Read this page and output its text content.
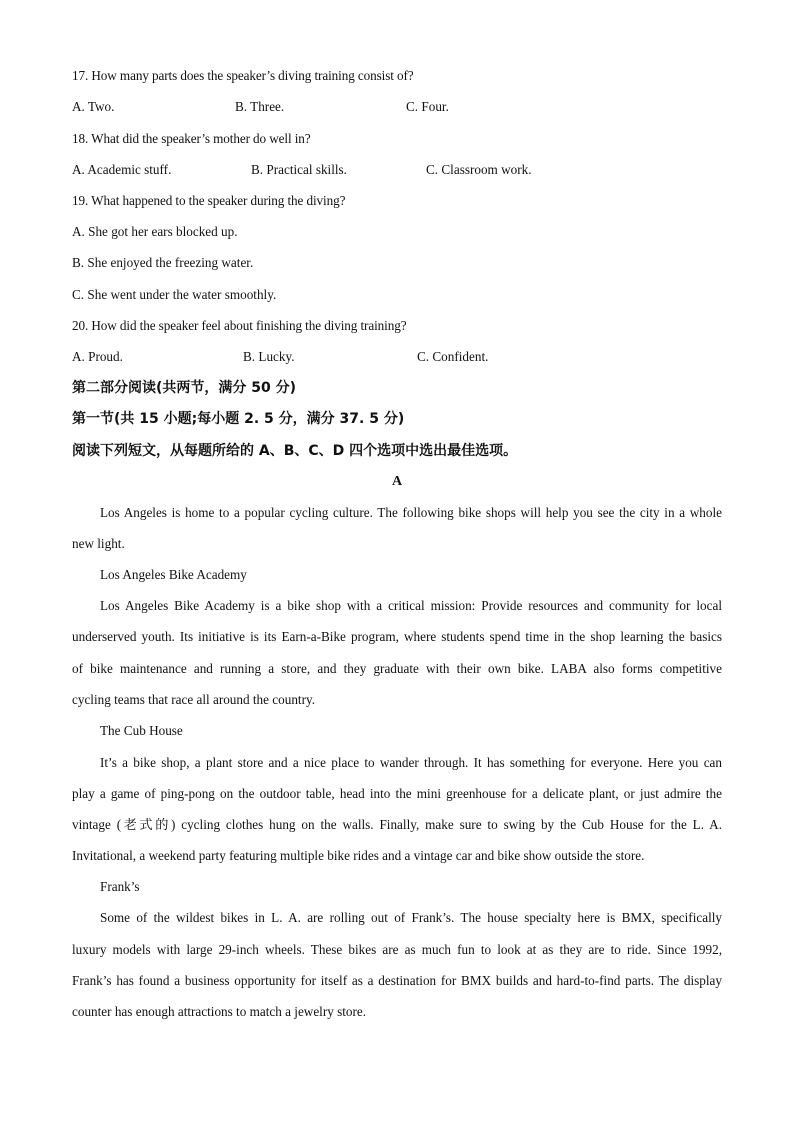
17. How many parts does the speaker’s diving training consist of?
A. Two.	B. Three.	C. Four.
18. What did the speaker’s mother do well in?
A. Academic stuff.	B. Practical skills.	C. Classroom work.
19. What happened to the speaker during the diving?
A. She got her ears blocked up.
B. She enjoyed the freezing water.
C. She went under the water smoothly.
20. How did the speaker feel about finishing the diving training?
A. Proud.	B. Lucky.	C. Confident.
第二部分阅读(共两节，满分 50 分)
第一节(共 15 小题;每小题 2. 5 分，满分 37. 5 分)
阅读下列短文，从每题所给的 A、B、C、D 四个选项中选出最佳选项。
A
Los Angeles is home to a popular cycling culture. The following bike shops will help you see the city in a whole
new light.
Los Angeles Bike Academy
Los Angeles Bike Academy is a bike shop with a critical mission: Provide resources and community for local
underserved youth. Its initiative is its Earn-a-Bike program, where students spend time in the shop learning the basics
of bike maintenance and running a store, and they graduate with their own bike. LABA also forms competitive
cycling teams that race all around the country.
The Cub House
It’s a bike shop, a plant store and a nice place to wander through. It has something for everyone. Here you can
play a game of ping-pong on the outdoor table, head into the mini greenhouse for a delicate plant, or just admire the
vintage (老式的) cycling clothes hung on the walls. Finally, make sure to swing by the Cub House for the L. A.
Invitational, a weekend party featuring multiple bike rides and a vintage car and bike show outside the store.
Frank’s
Some of the wildest bikes in L. A. are rolling out of Frank’s. The house specialty here is BMX, specifically
luxury models with large 29-inch wheels. These bikes are as much fun to look at as they are to ride. Since 1992,
Frank’s has found a business opportunity for itself as a destination for BMX builds and hard-to-find parts. The display
counter has enough attractions to match a jewelry store.
